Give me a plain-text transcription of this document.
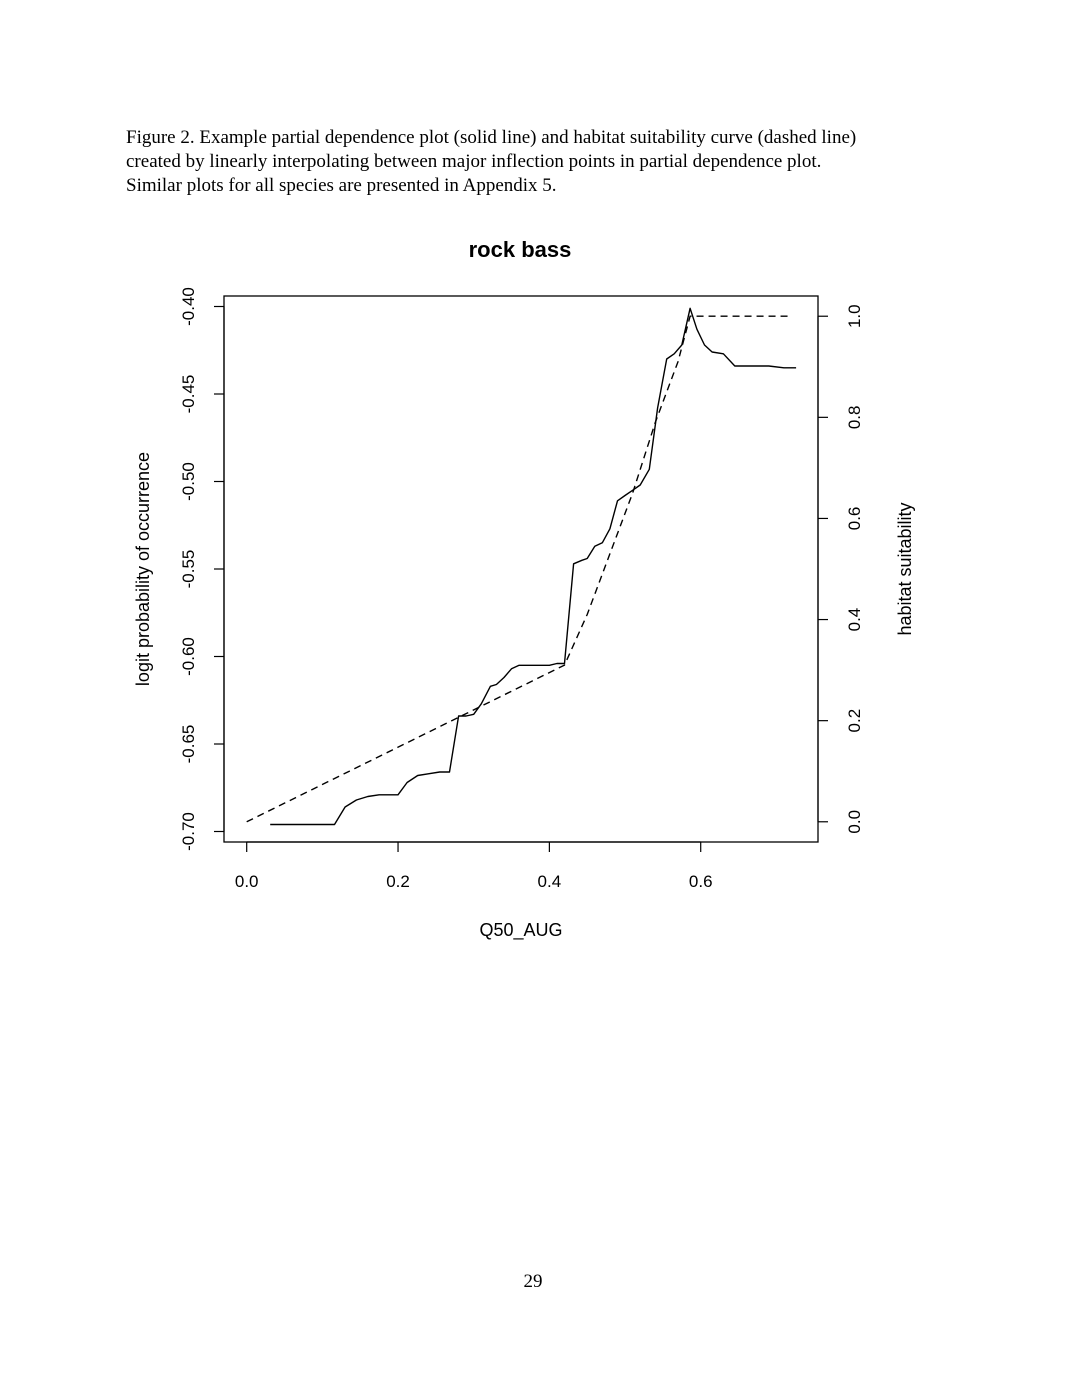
Figure 2. Example partial dependence plot (solid line) and habitat suitability curve (dashed line)
created by linearly interpolating between major inflection points in partial dependence plot.
Similar plots for all species are presented in Appendix 5.
rock bass
0.0	0.2	0.4	0.6
-0.70
-0.65
-0.60
-0.55
-0.50
-0.45
-0.40
0.0
0.2
0.4
0.6
0.8
1.0
Q50_AUG
logit probability of occurrence	habitat suitability
29
